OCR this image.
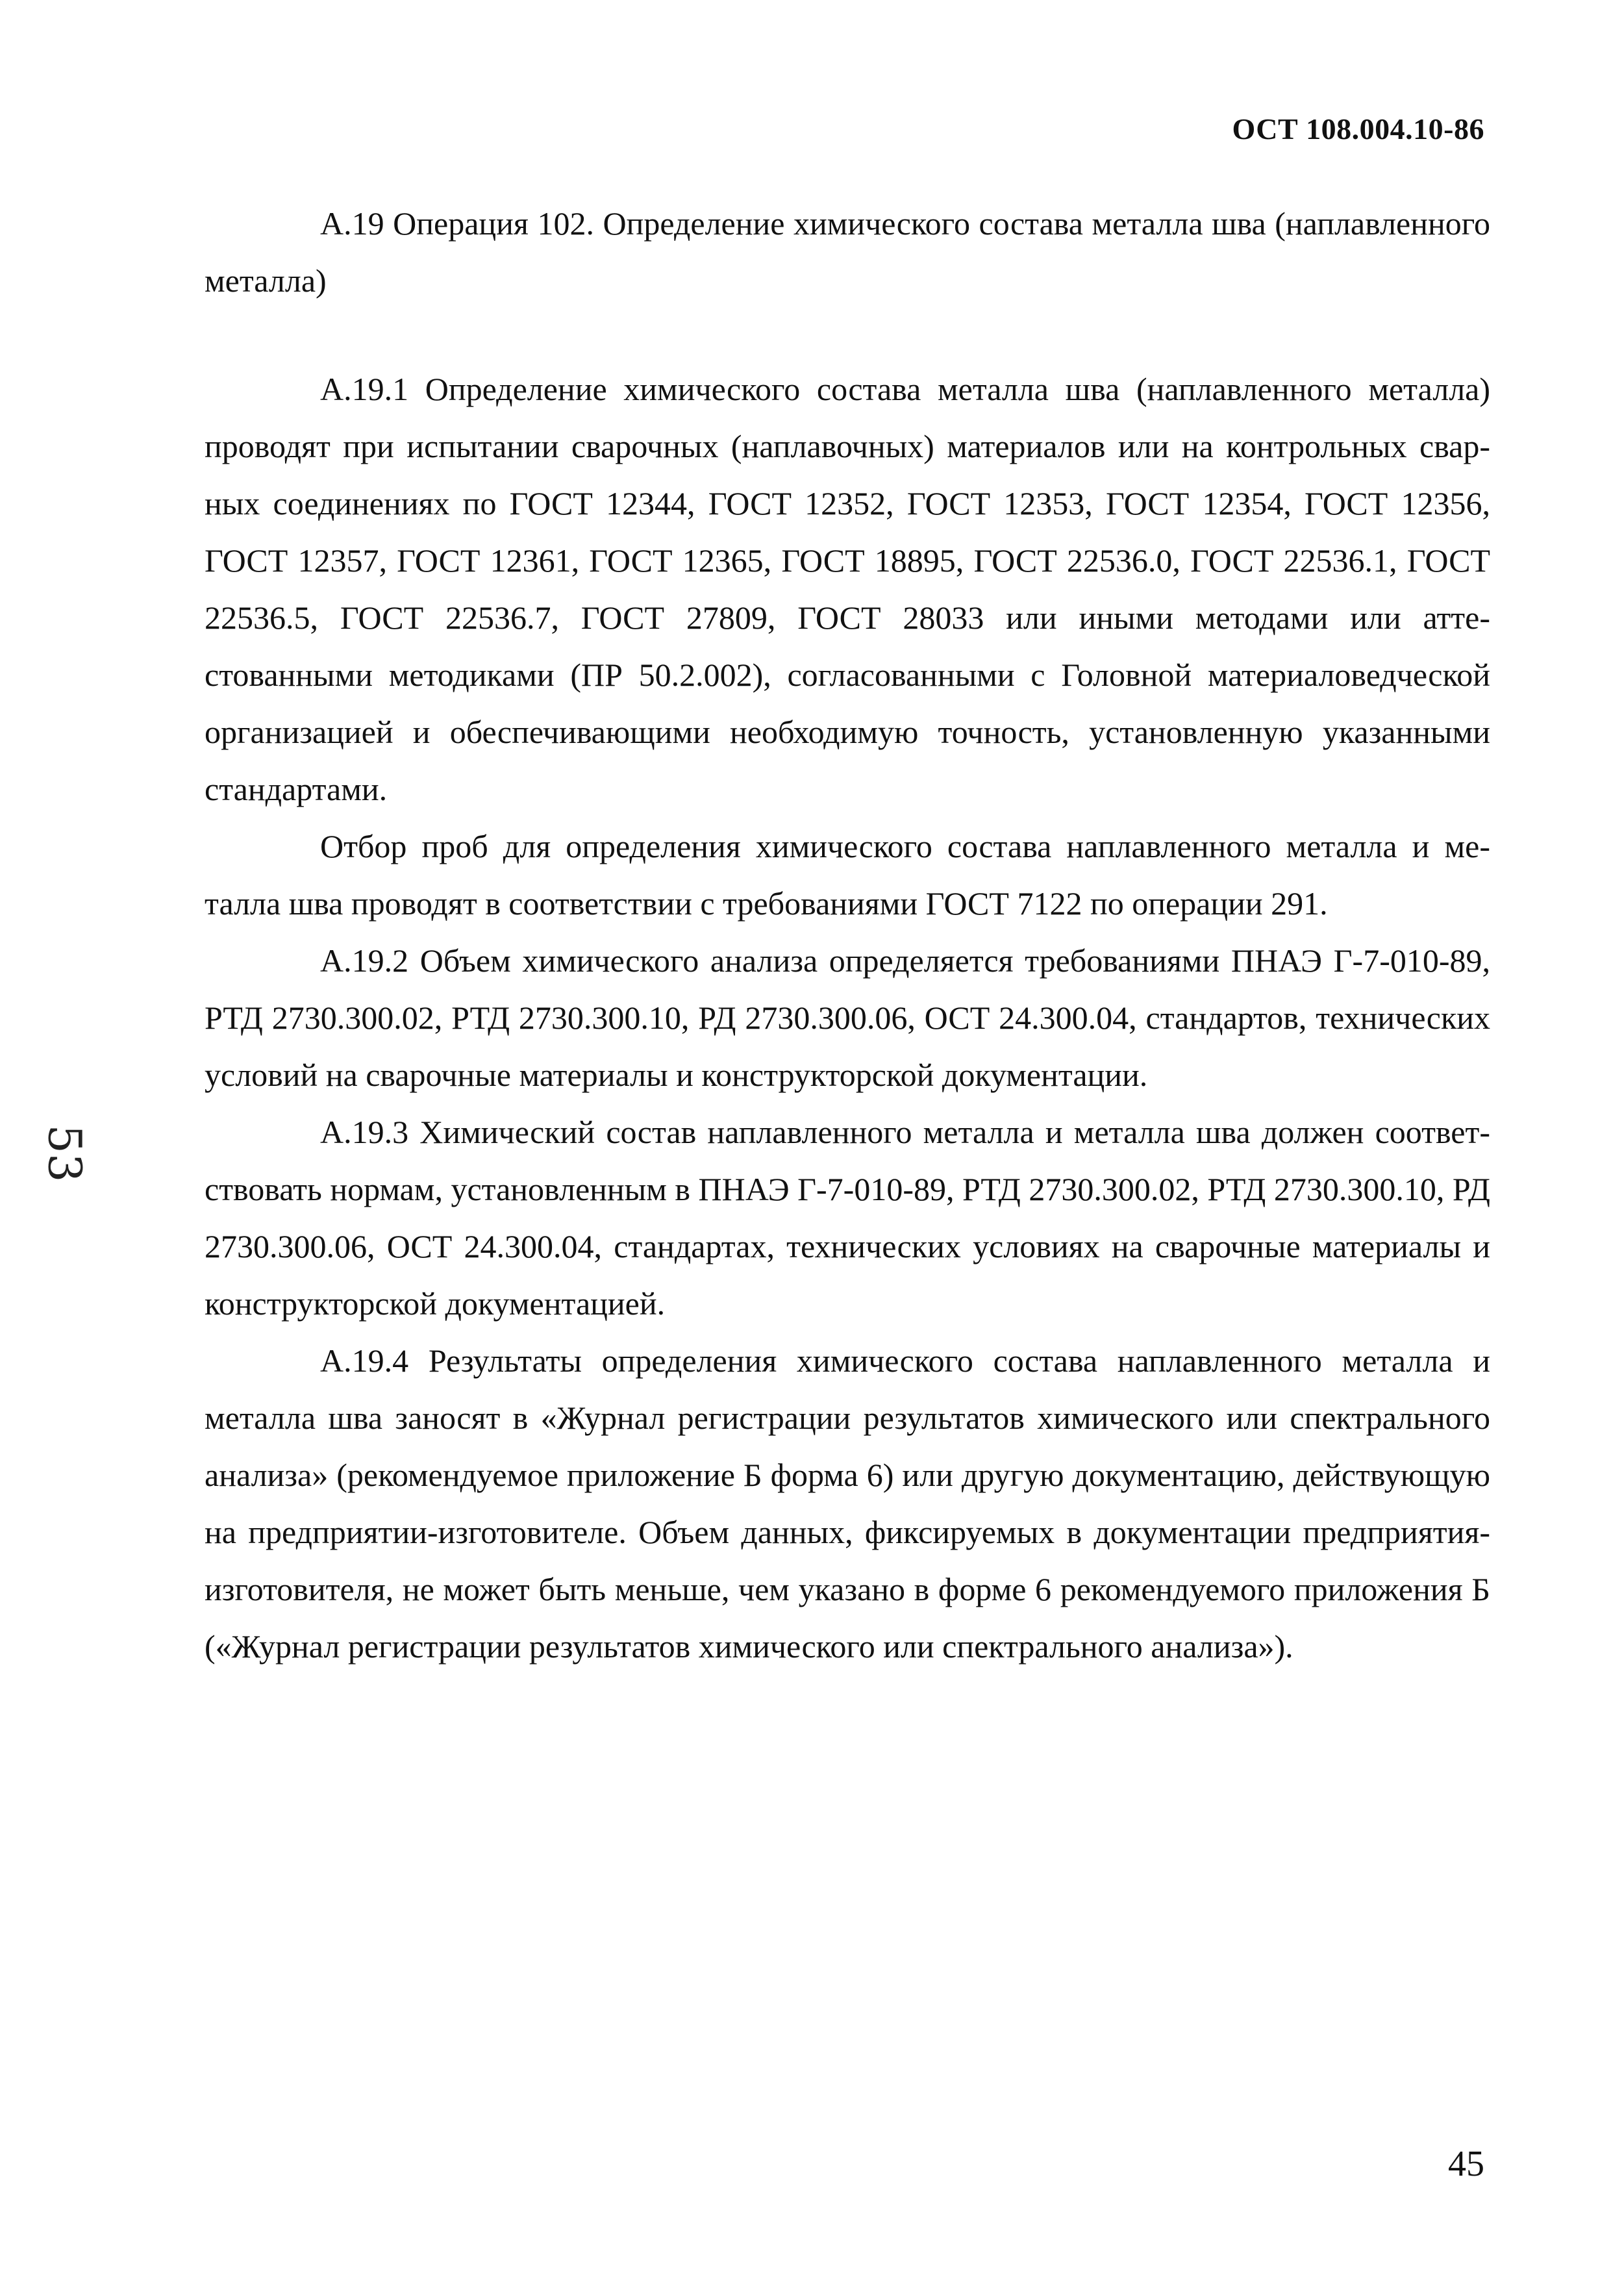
ОСТ 108.004.10-86

А.19 Операция 102. Определение химического состава металла шва (наплавленного металла)

А.19.1 Определение химического состава металла шва (наплавленного металла) проводят при испытании сварочных (наплавочных) материалов или на контрольных сварных соединениях по ГОСТ 12344, ГОСТ 12352, ГОСТ 12353, ГОСТ 12354, ГОСТ 12356, ГОСТ 12357, ГОСТ 12361, ГОСТ 12365, ГОСТ 18895, ГОСТ 22536.0, ГОСТ 22536.1, ГОСТ 22536.5, ГОСТ 22536.7, ГОСТ 27809, ГОСТ 28033 или иными методами или аттестованными методиками (ПР 50.2.002), согласованными с Головной материаловедческой организацией и обеспечивающими необходимую точность, установленную указанными стандартами.

Отбор проб для определения химического состава наплавленного металла и металла шва проводят в соответствии с требованиями ГОСТ 7122 по операции 291.

А.19.2 Объем химического анализа определяется требованиями ПНАЭ Г-7-010-89, РТД 2730.300.02, РТД 2730.300.10, РД 2730.300.06, ОСТ 24.300.04, стандартов, технических условий на сварочные материалы и конструкторской документации.

А.19.3 Химический состав наплавленного металла и металла шва должен соответствовать нормам, установленным в ПНАЭ Г-7-010-89, РТД 2730.300.02, РТД 2730.300.10, РД 2730.300.06, ОСТ 24.300.04, стандартах, технических условиях на сварочные материалы и конструкторской документацией.

А.19.4 Результаты определения химического состава наплавленного металла и металла шва заносят в «Журнал регистрации результатов химического или спектрального анализа» (рекомендуемое приложение Б форма 6) или другую документацию, действующую на предприятии-изготовителе. Объем данных, фиксируемых в документации предприятия-изготовителя, не может быть меньше, чем указано в форме 6 рекомендуемого приложения Б («Журнал регистрации результатов химического или спектрального анализа»).

53
45
